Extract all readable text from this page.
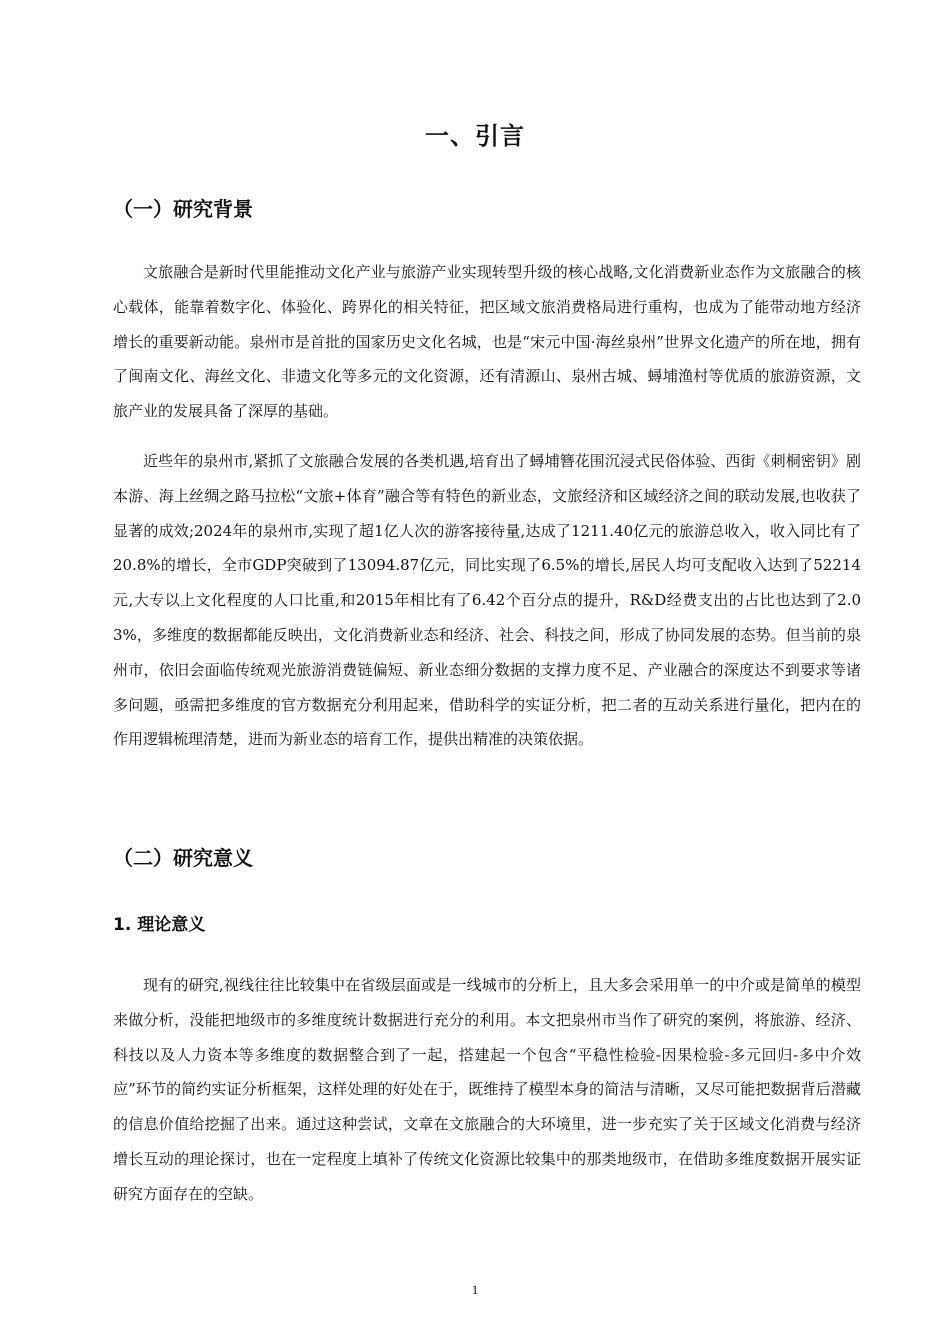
一、引言
（一）研究背景

文旅融合是新时代里能推动文化产业与旅游产业实现转型升级的核心战略,文化消费新业态作为文旅融合的核心载体，能靠着数字化、体验化、跨界化的相关特征，把区域文旅消费格局进行重构，也成为了能带动地方经济增长的重要新动能。泉州市是首批的国家历史文化名城，也是“宋元中国·海丝泉州”世界文化遗产的所在地，拥有了闽南文化、海丝文化、非遗文化等多元的文化资源，还有清源山、泉州古城、蟳埔渔村等优质的旅游资源，文旅产业的发展具备了深厚的基础。

近些年的泉州市,紧抓了文旅融合发展的各类机遇,培育出了蟳埔簪花围沉浸式民俗体验、西街《刺桐密钥》剧本游、海上丝绸之路马拉松“文旅+体育”融合等有特色的新业态，文旅经济和区域经济之间的联动发展,也收获了显著的成效;2024年的泉州市,实现了超1亿人次的游客接待量,达成了1211.40亿元的旅游总收入，收入同比有了20.8%的增长，全市GDP突破到了13094.87亿元，同比实现了6.5%的增长,居民人均可支配收入达到了52214元,大专以上文化程度的人口比重,和2015年相比有了6.42个百分点的提升，R&D经费支出的占比也达到了2.03%，多维度的数据都能反映出，文化消费新业态和经济、社会、科技之间，形成了协同发展的态势。但当前的泉州市，依旧会面临传统观光旅游消费链偏短、新业态细分数据的支撑力度不足、产业融合的深度达不到要求等诸多问题，亟需把多维度的官方数据充分利用起来，借助科学的实证分析，把二者的互动关系进行量化，把内在的作用逻辑梳理清楚，进而为新业态的培育工作，提供出精准的决策依据。

（二）研究意义
1. 理论意义

现有的研究,视线往往比较集中在省级层面或是一线城市的分析上，且大多会采用单一的中介或是简单的模型来做分析，没能把地级市的多维度统计数据进行充分的利用。本文把泉州市当作了研究的案例，将旅游、经济、科技以及人力资本等多维度的数据整合到了一起，搭建起一个包含“平稳性检验-因果检验-多元回归-多中介效应”环节的简约实证分析框架，这样处理的好处在于，既维持了模型本身的简洁与清晰，又尽可能把数据背后潜藏的信息价值给挖掘了出来。通过这种尝试，文章在文旅融合的大环境里，进一步充实了关于区域文化消费与经济增长互动的理论探讨，也在一定程度上填补了传统文化资源比较集中的那类地级市，在借助多维度数据开展实证研究方面存在的空缺。

1
